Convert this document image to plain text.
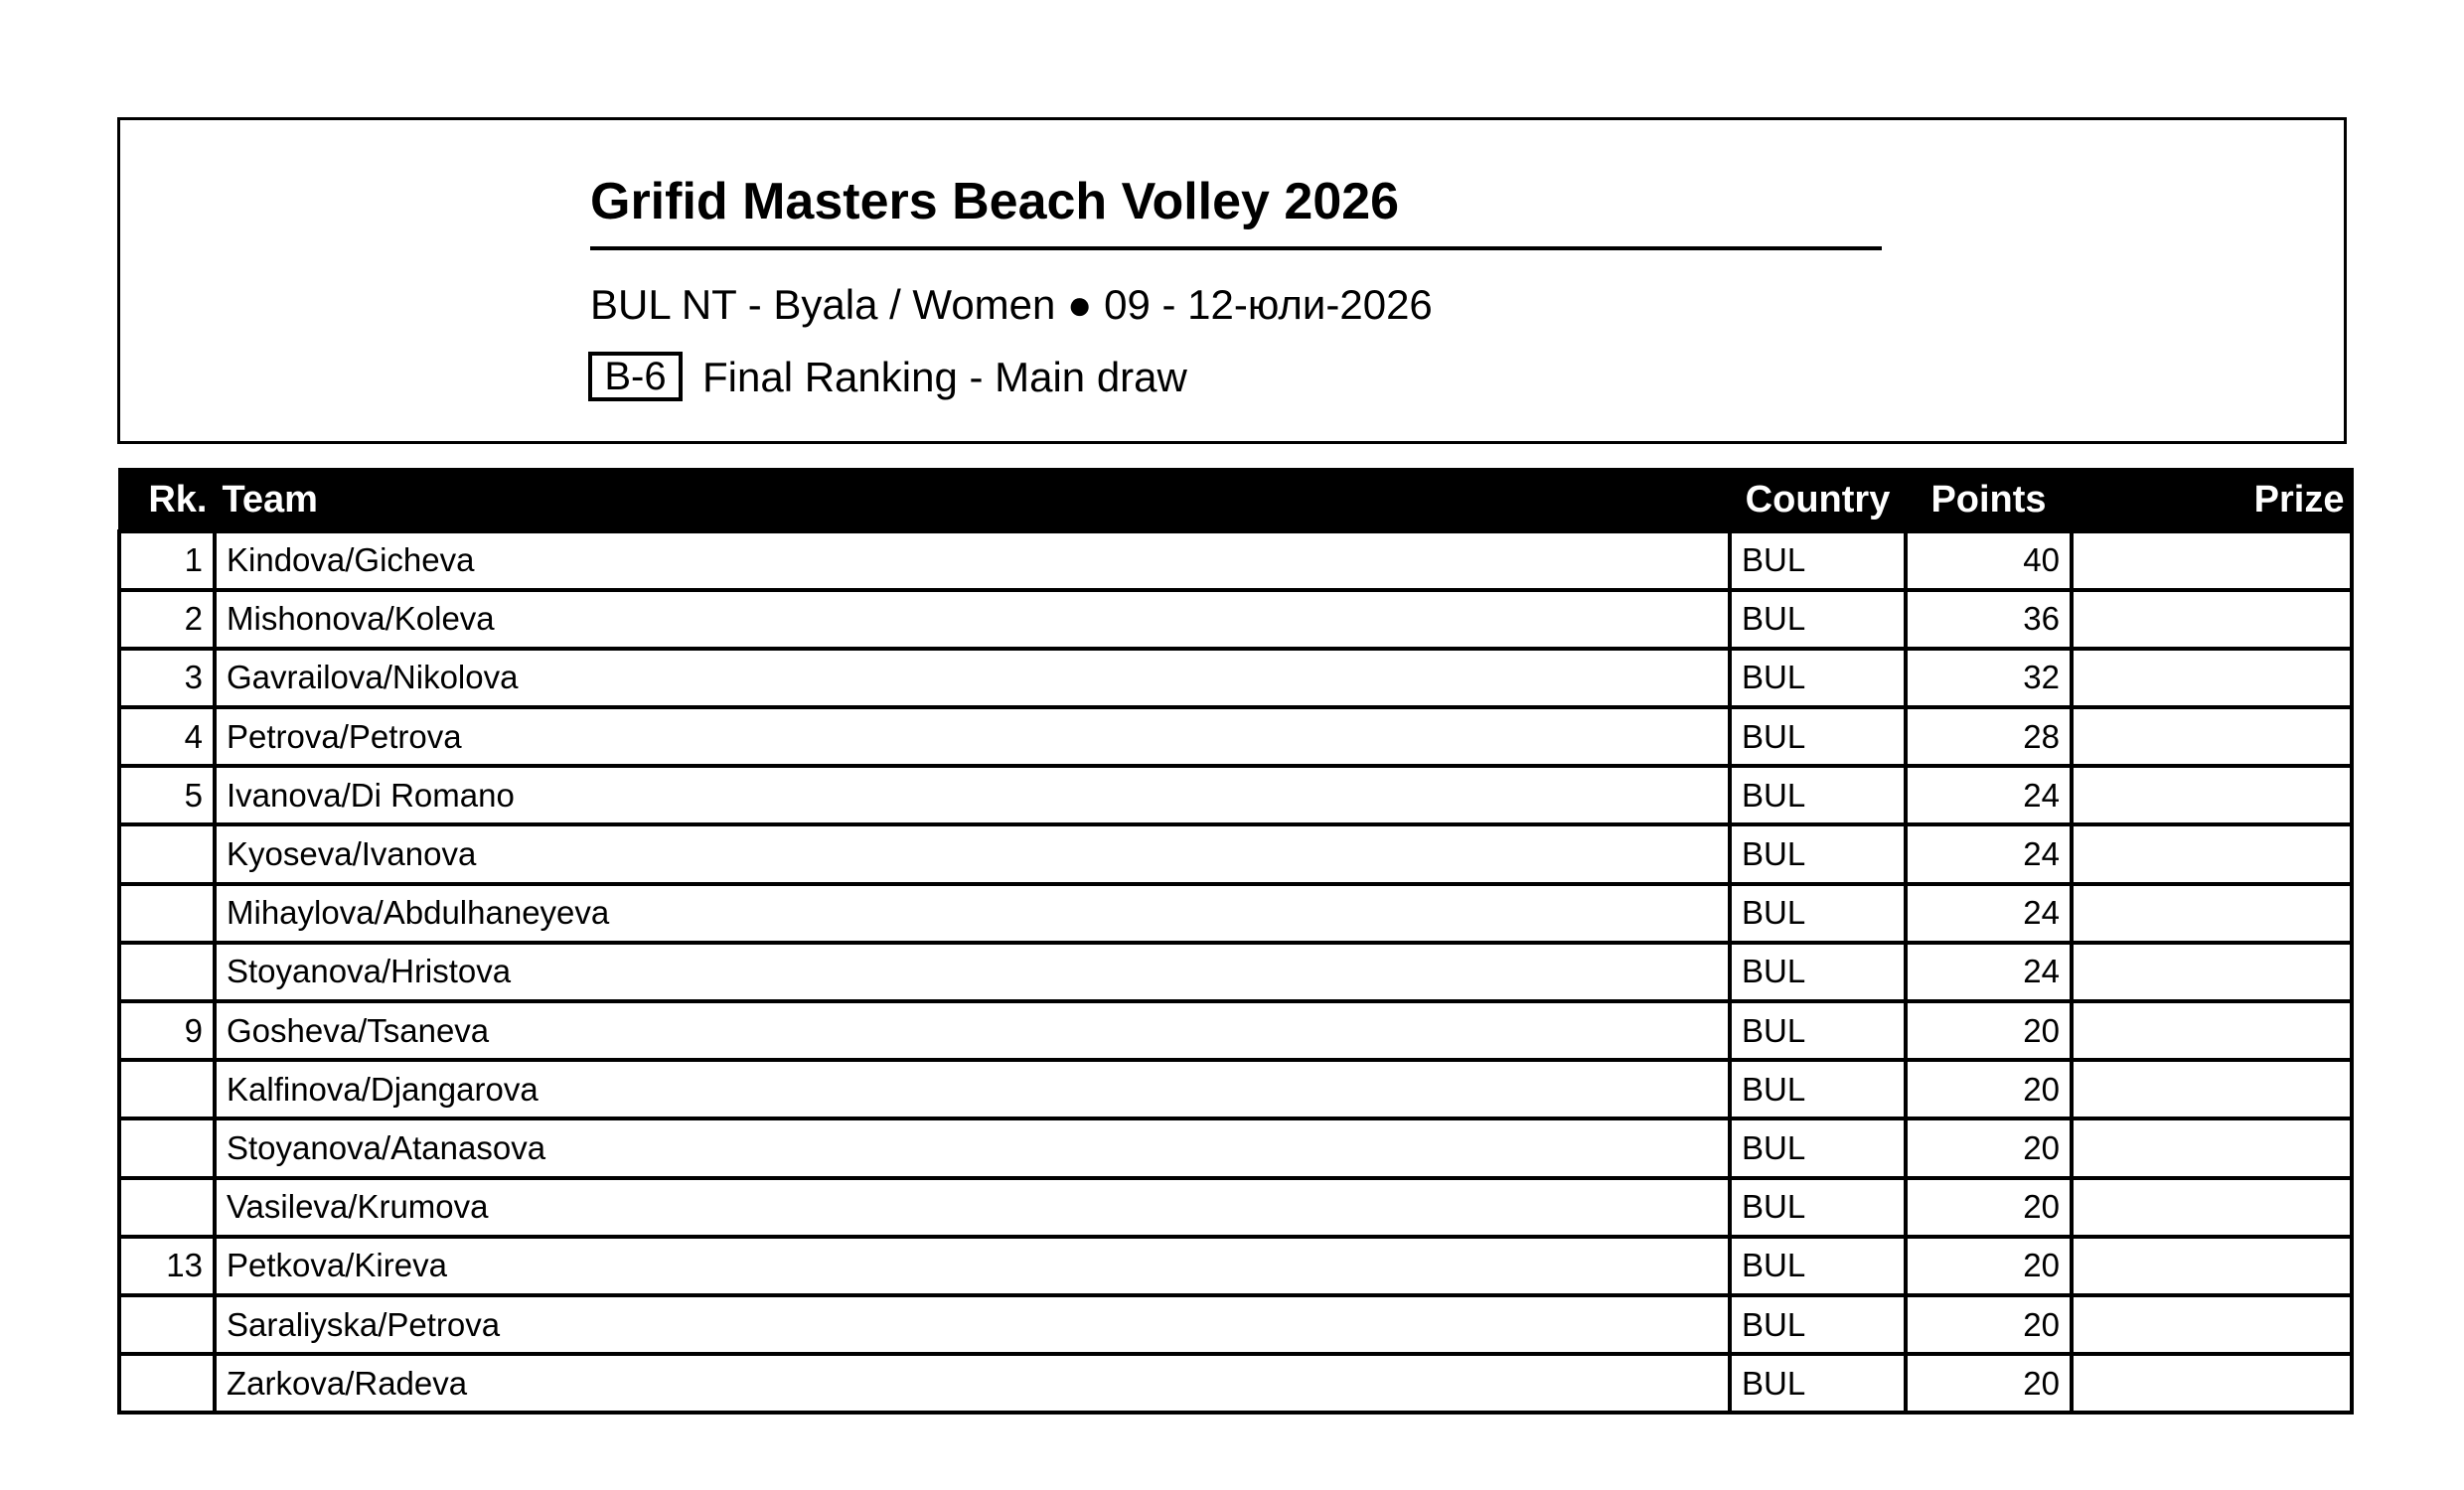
Grifid Masters Beach Volley 2026
BUL NT - Byala / Women ● 09 - 12-юли-2026
B-6 Final Ranking - Main draw
Rk.	Team	Country	Points	Prize
1	Kindova/Gicheva	BUL	40	
2	Mishonova/Koleva	BUL	36	
3	Gavrailova/Nikolova	BUL	32	
4	Petrova/Petrova	BUL	28	
5	Ivanova/Di Romano	BUL	24	
	Kyoseva/Ivanova	BUL	24	
	Mihaylova/Abdulhaneyeva	BUL	24	
	Stoyanova/Hristova	BUL	24	
9	Gosheva/Tsaneva	BUL	20	
	Kalfinova/Djangarova	BUL	20	
	Stoyanova/Atanasova	BUL	20	
	Vasileva/Krumova	BUL	20	
13	Petkova/Kireva	BUL	20	
	Saraliyska/Petrova	BUL	20	
	Zarkova/Radeva	BUL	20	
